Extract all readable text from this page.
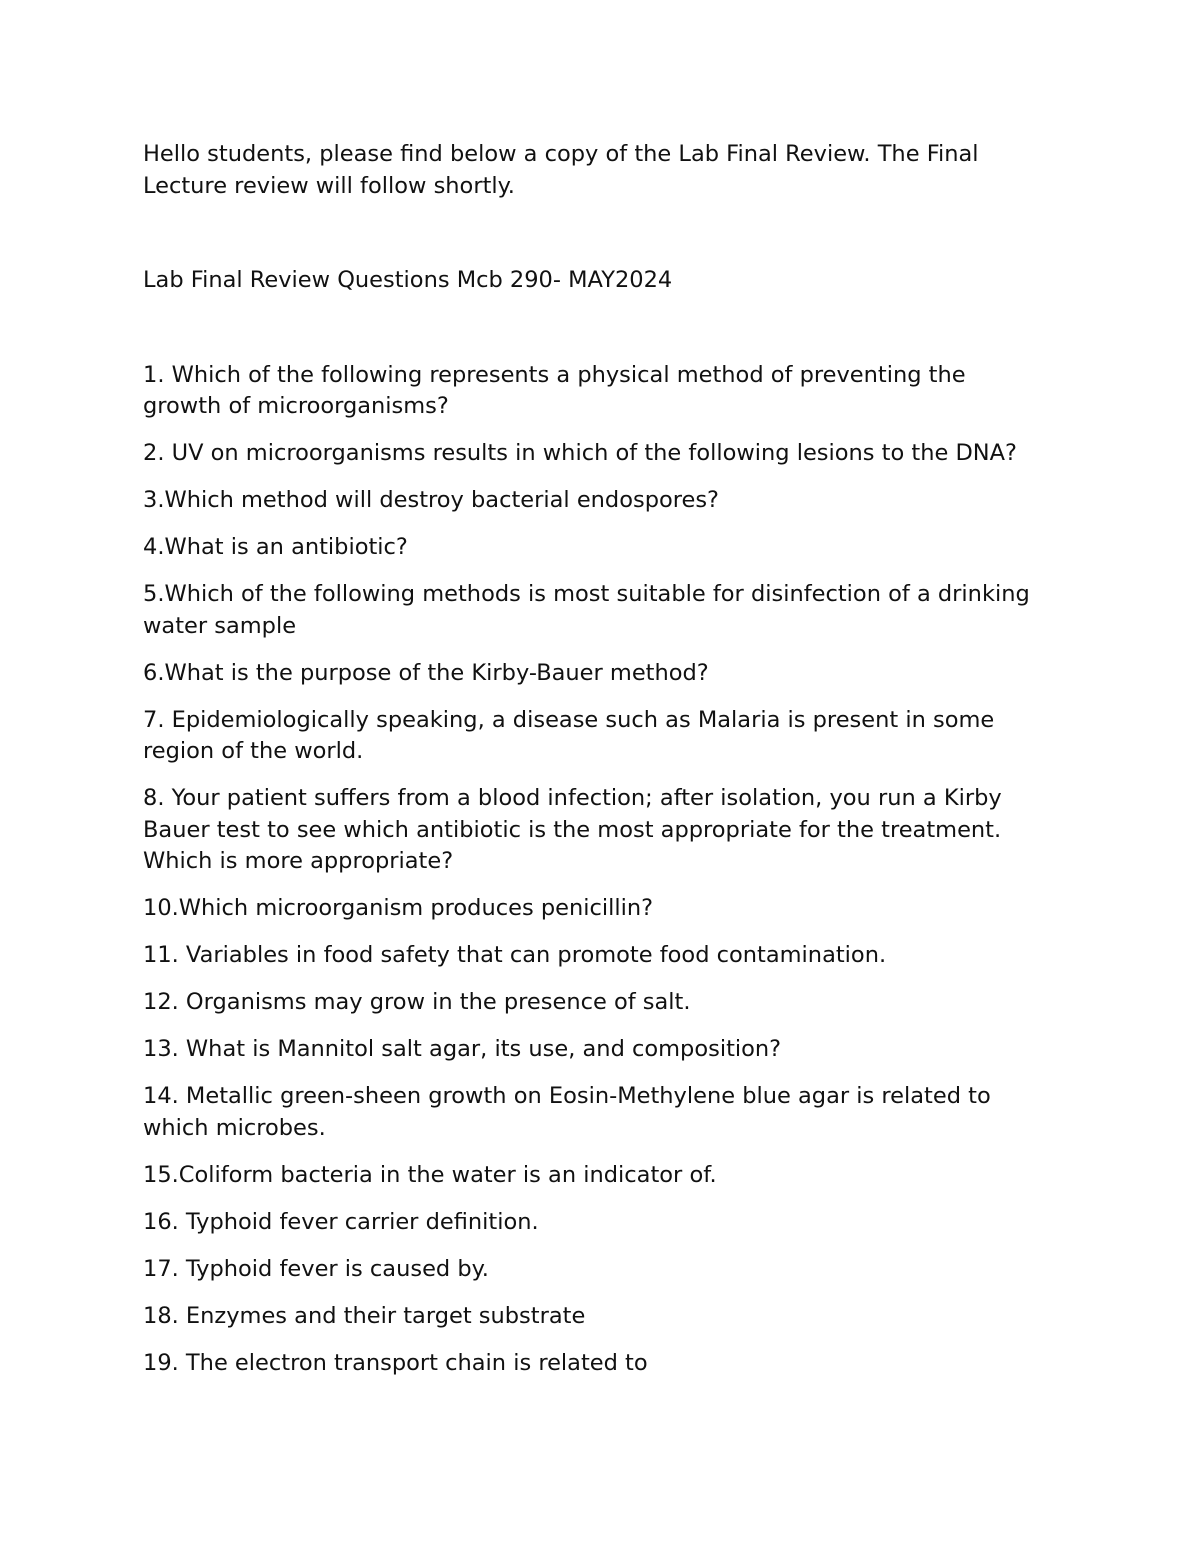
Hello students, please find below a copy of the Lab Final Review. The Final Lecture review will follow shortly.

Lab Final Review Questions Mcb 290- MAY2024

1. Which of the following represents a physical method of preventing the growth of microorganisms?
2. UV on microorganisms results in which of the following lesions to the DNA?
3.Which method will destroy bacterial endospores?
4.What is an antibiotic?
5.Which of the following methods is most suitable for disinfection of a drinking water sample
6.What is the purpose of the Kirby-Bauer method?
7. Epidemiologically speaking, a disease such as Malaria is present in some region of the world.
8. Your patient suffers from a blood infection; after isolation, you run a Kirby Bauer test to see which antibiotic is the most appropriate for the treatment. Which is more appropriate?
10.Which microorganism produces penicillin?
11. Variables in food safety that can promote food contamination.
12. Organisms may grow in the presence of salt.
13. What is Mannitol salt agar, its use, and composition?
14. Metallic green-sheen growth on Eosin-Methylene blue agar is related to which microbes.
15.Coliform bacteria in the water is an indicator of.
16. Typhoid fever carrier definition.
17. Typhoid fever is caused by.
18. Enzymes and their target substrate
19. The electron transport chain is related to
